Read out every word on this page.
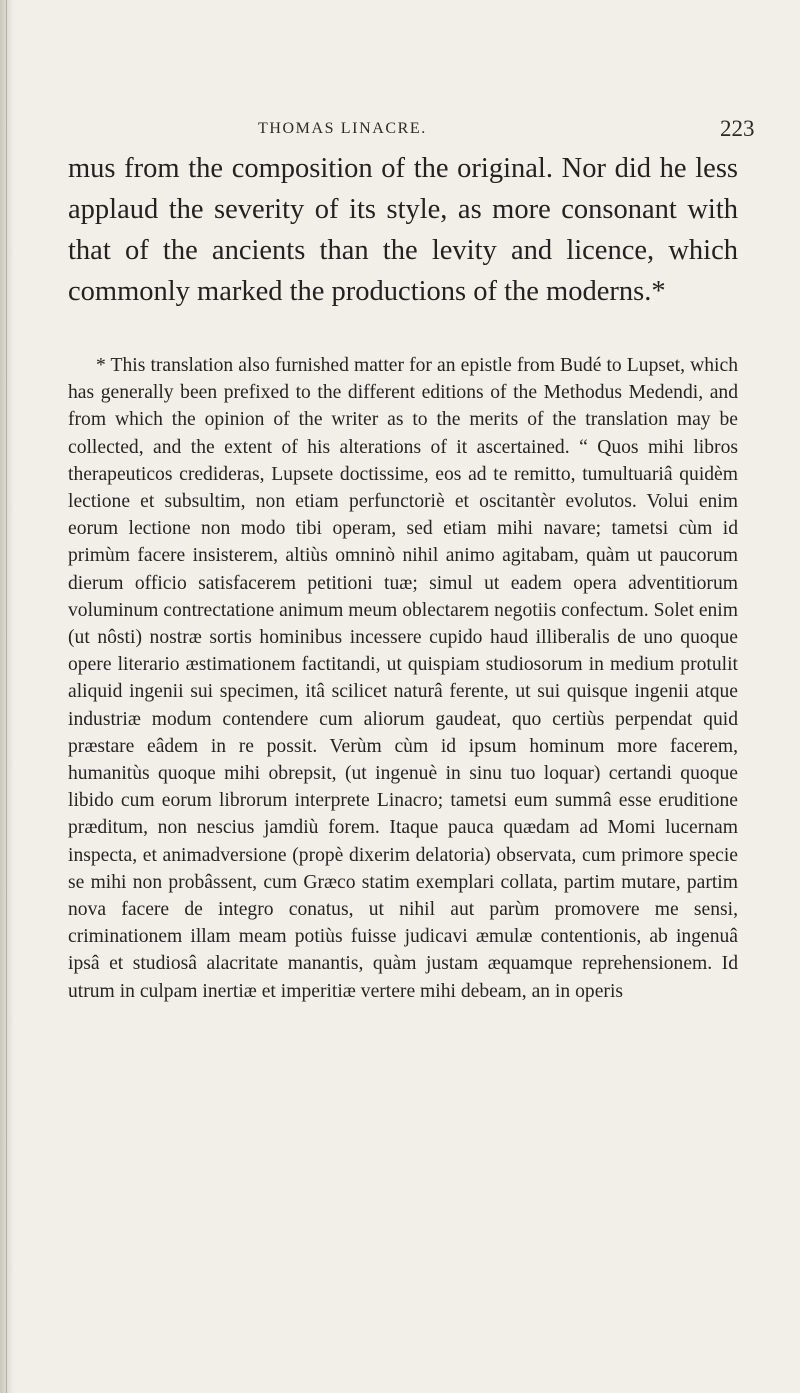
THOMAS LINACRE.	223

mus from the composition of the original. Nor did he less applaud the severity of its style, as more consonant with that of the ancients than the levity and licence, which commonly marked the productions of the moderns.*

* This translation also furnished matter for an epistle from Budé to Lupset, which has generally been prefixed to the different editions of the Methodus Medendi, and from which the opinion of the writer as to the merits of the translation may be collected, and the extent of his alterations of it ascertained. “ Quos mihi libros therapeuticos credideras, Lupsete doctissime, eos ad te remitto, tumultuariâ quidèm lectione et subsultim, non etiam perfunctoriè et oscitantèr evolutos. Volui enim eorum lectione non modo tibi operam, sed etiam mihi navare; tametsi cùm id primùm facere insisterem, altiùs omninò nihil animo agitabam, quàm ut paucorum dierum officio satisfacerem petitioni tuæ; simul ut eadem opera adventitiorum voluminum contrectatione animum meum oblectarem negotiis confectum. Solet enim (ut nôsti) nostræ sortis hominibus incessere cupido haud illiberalis de uno quoque opere literario æstimationem factitandi, ut quispiam studiosorum in medium protulit aliquid ingenii sui specimen, itâ scilicet naturâ ferente, ut sui quisque ingenii atque industriæ modum contendere cum aliorum gaudeat, quo certiùs perpendat quid præstare eâdem in re possit. Verùm cùm id ipsum hominum more facerem, humanitùs quoque mihi obrepsit, (ut ingenuè in sinu tuo loquar) certandi quoque libido cum eorum librorum interprete Linacro; tametsi eum summâ esse eruditione præditum, non nescius jamdiù forem. Itaque pauca quædam ad Momi lucernam inspecta, et animadversione (propè dixerim delatoria) observata, cum primore specie se mihi non probâssent, cum Græco statim exemplari collata, partim mutare, partim nova facere de integro conatus, ut nihil aut parùm promovere me sensi, criminationem illam meam potiùs fuisse judicavi æmulæ contentionis, ab ingenuâ ipsâ et studiosâ alacritate manantis, quàm justam æquamque reprehensionem. Id utrum in culpam inertiæ et imperitiæ vertere mihi debeam, an in operis
